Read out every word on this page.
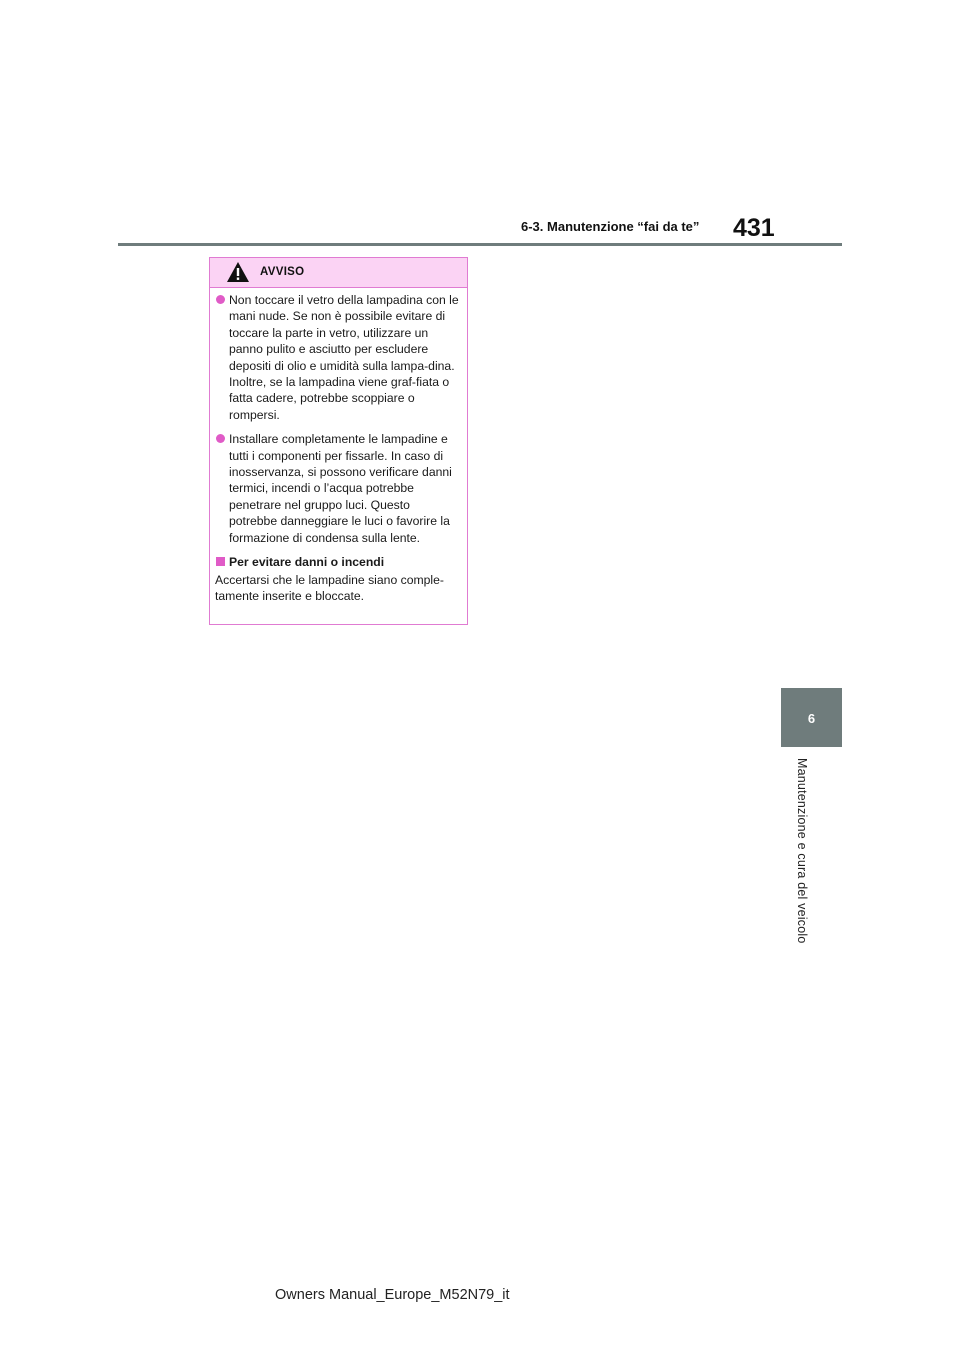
6-3. Manutenzione “fai da te” 431
6
Manutenzione e cura del veicolo
AVVISO
Non toccare il vetro della lampadina con le mani nude. Se non è possibile evitare di toccare la parte in vetro, utilizzare un panno pulito e asciutto per escludere depositi di olio e umidità sulla lampa-dina. Inoltre, se la lampadina viene graf-fiata o fatta cadere, potrebbe scoppiare o rompersi.
Installare completamente le lampadine e tutti i componenti per fissarle. In caso di inosservanza, si possono verificare danni termici, incendi o l’acqua potrebbe penetrare nel gruppo luci. Questo potrebbe danneggiare le luci o favorire la formazione di condensa sulla lente.
Per evitare danni o incendi
Accertarsi che le lampadine siano comple-tamente inserite e bloccate.
Owners Manual_Europe_M52N79_it
